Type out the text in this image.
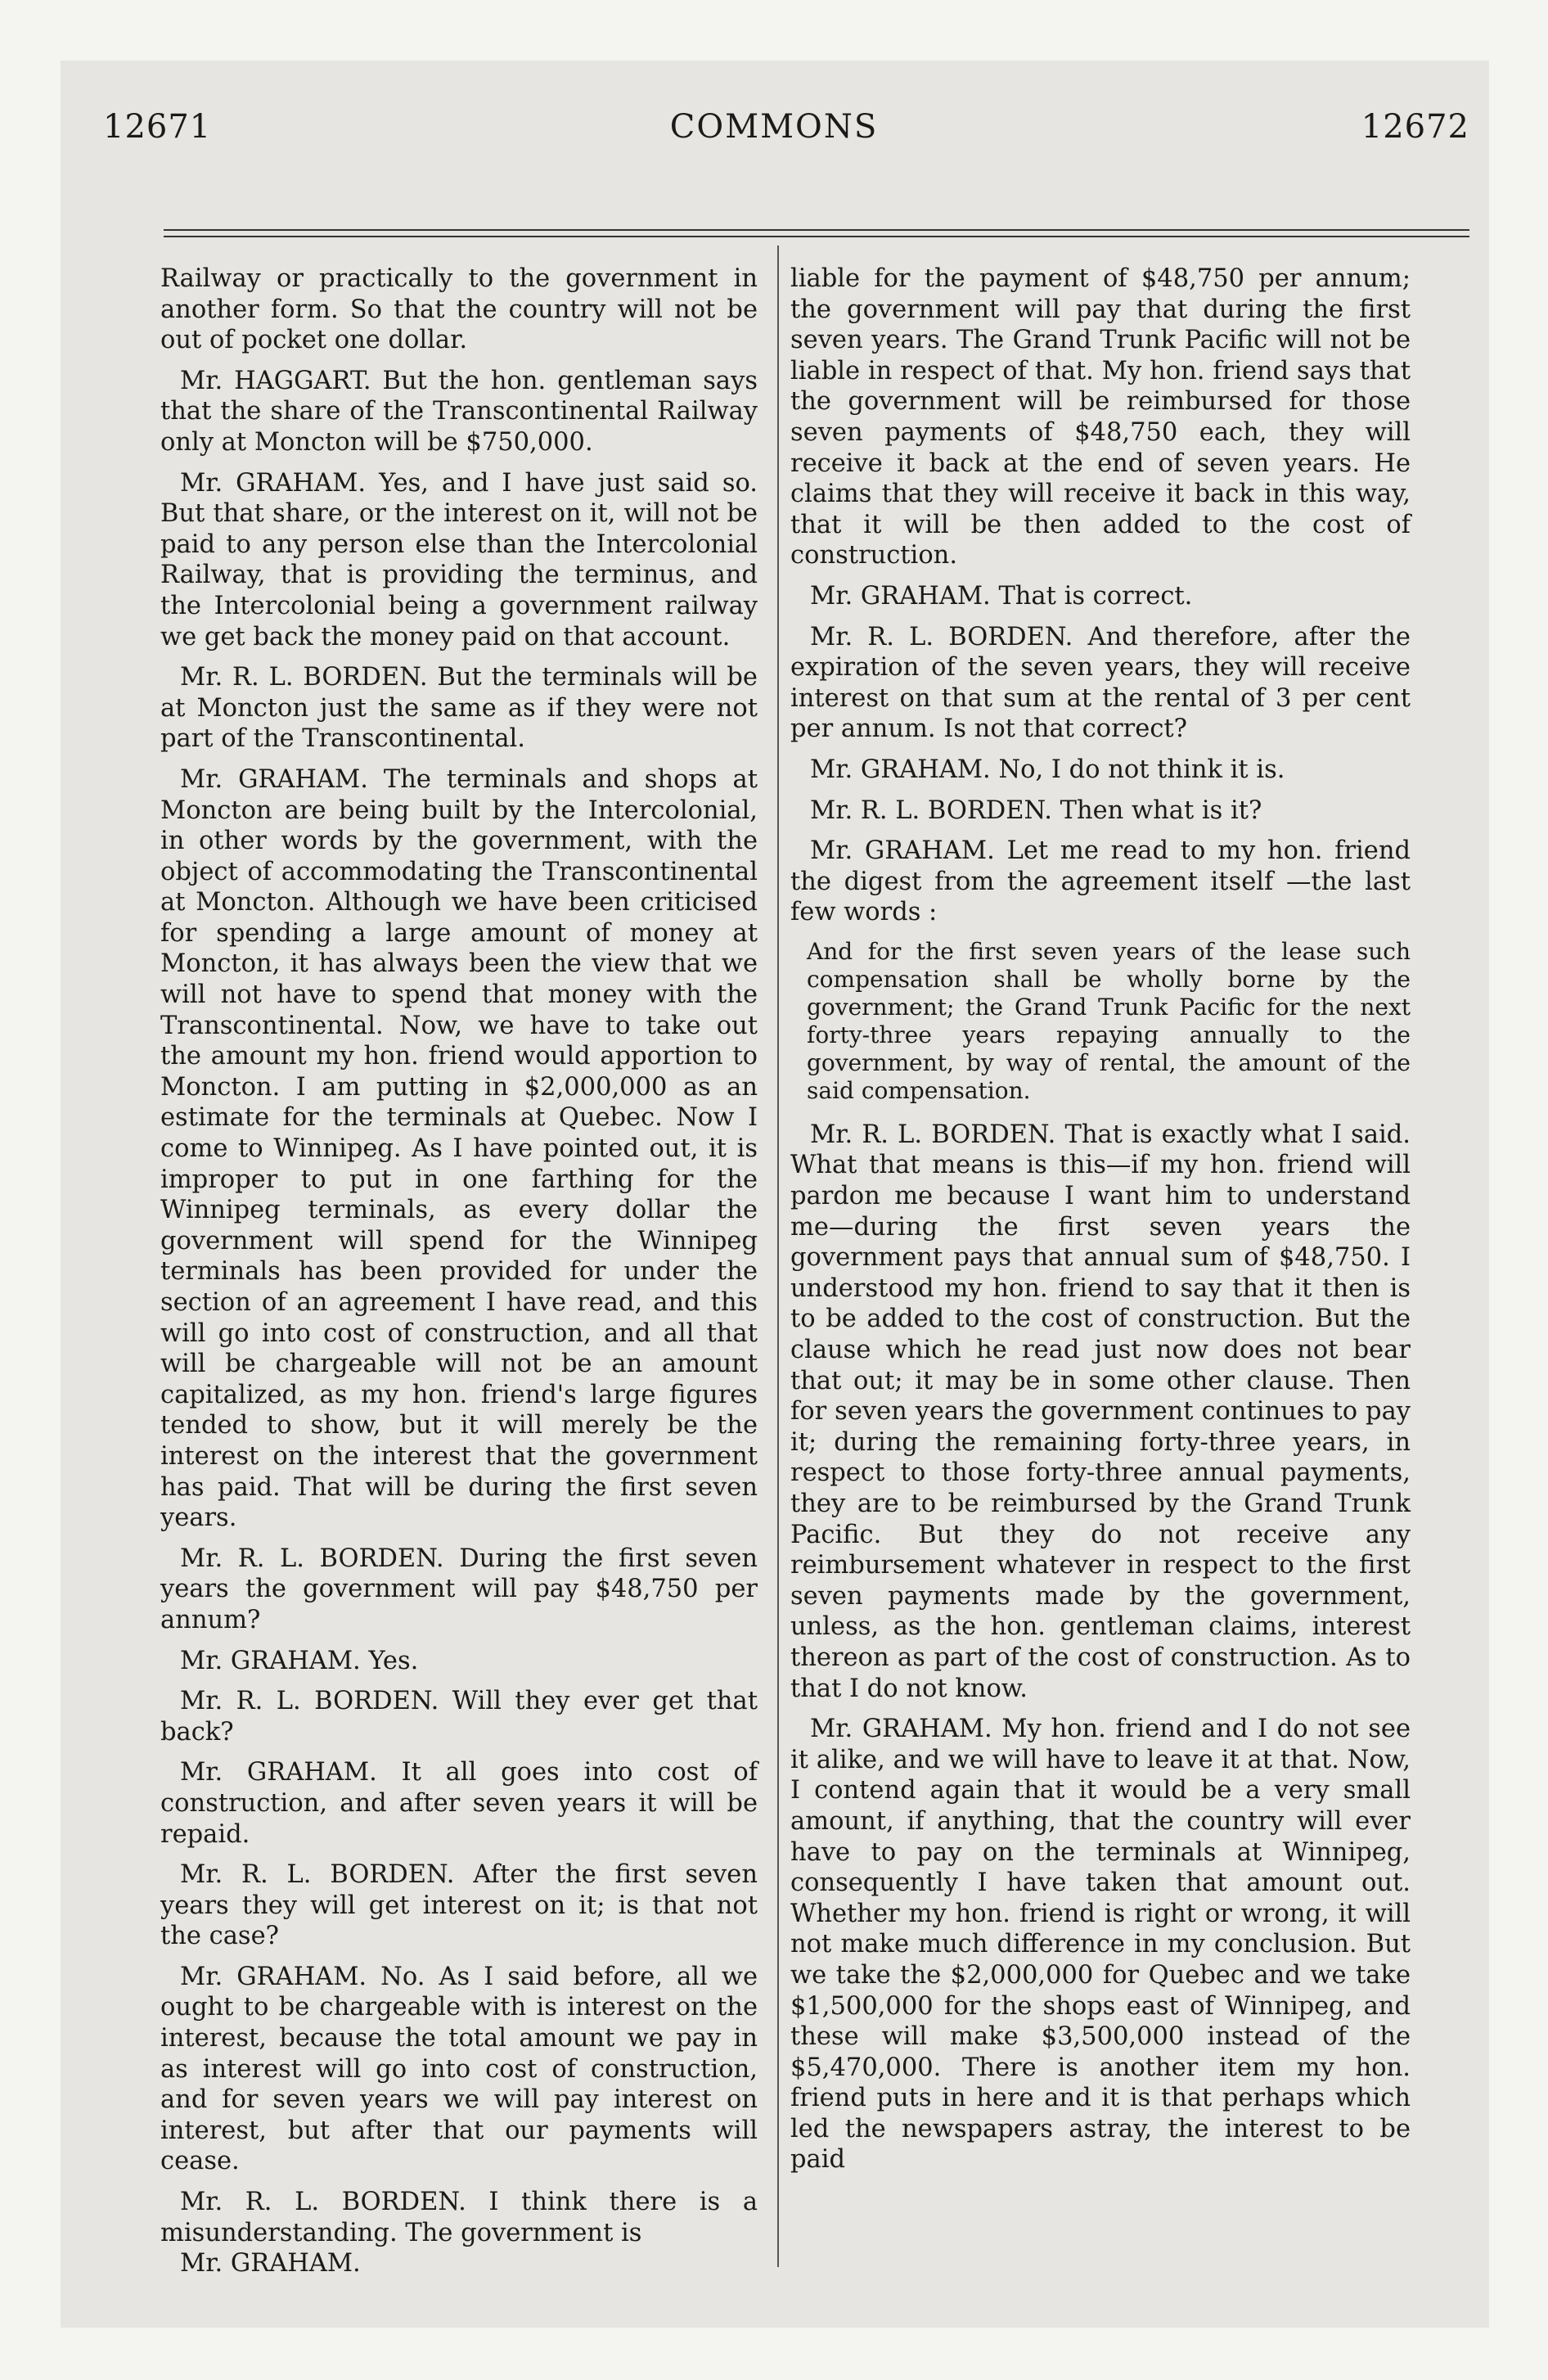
12671	COMMONS	12672

Railway or practically to the government in another form. So that the country will not be out of pocket one dollar.

Mr. HAGGART. But the hon. gentleman says that the share of the Transcontinental Railway only at Moncton will be $750,000.

Mr. GRAHAM. Yes, and I have just said so. But that share, or the interest on it, will not be paid to any person else than the Intercolonial Railway, that is providing the terminus, and the Intercolonial being a government railway we get back the money paid on that account.

Mr. R. L. BORDEN. But the terminals will be at Moncton just the same as if they were not part of the Transcontinental.

Mr. GRAHAM. The terminals and shops at Moncton are being built by the Intercolonial, in other words by the government, with the object of accommodating the Transcontinental at Moncton. Although we have been criticised for spending a large amount of money at Moncton, it has always been the view that we will not have to spend that money with the Transcontinental. Now, we have to take out the amount my hon. friend would apportion to Moncton. I am putting in $2,000,000 as an estimate for the terminals at Quebec. Now I come to Winnipeg. As I have pointed out, it is improper to put in one farthing for the Winnipeg terminals, as every dollar the government will spend for the Winnipeg terminals has been provided for under the section of an agreement I have read, and this will go into cost of construction, and all that will be chargeable will not be an amount capitalized, as my hon. friend's large figures tended to show, but it will merely be the interest on the interest that the government has paid. That will be during the first seven years.

Mr. R. L. BORDEN. During the first seven years the government will pay $48,750 per annum?

Mr. GRAHAM. Yes.

Mr. R. L. BORDEN. Will they ever get that back?

Mr. GRAHAM. It all goes into cost of construction, and after seven years it will be repaid.

Mr. R. L. BORDEN. After the first seven years they will get interest on it; is that not the case?

Mr. GRAHAM. No. As I said before, all we ought to be chargeable with is interest on the interest, because the total amount we pay in as interest will go into cost of construction, and for seven years we will pay interest on interest, but after that our payments will cease.

Mr. R. L. BORDEN. I think there is a misunderstanding. The government is

Mr. GRAHAM.

liable for the payment of $48,750 per annum; the government will pay that during the first seven years. The Grand Trunk Pacific will not be liable in respect of that. My hon. friend says that the government will be reimbursed for those seven payments of $48,750 each, they will receive it back at the end of seven years. He claims that they will receive it back in this way, that it will be then added to the cost of construction.

Mr. GRAHAM. That is correct.

Mr. R. L. BORDEN. And therefore, after the expiration of the seven years, they will receive interest on that sum at the rental of 3 per cent per annum. Is not that correct?

Mr. GRAHAM. No, I do not think it is.

Mr. R. L. BORDEN. Then what is it?

Mr. GRAHAM. Let me read to my hon. friend the digest from the agreement itself —the last few words :

And for the first seven years of the lease such compensation shall be wholly borne by the government; the Grand Trunk Pacific for the next forty-three years repaying annually to the government, by way of rental, the amount of the said compensation.

Mr. R. L. BORDEN. That is exactly what I said. What that means is this—if my hon. friend will pardon me because I want him to understand me—during the first seven years the government pays that annual sum of $48,750. I understood my hon. friend to say that it then is to be added to the cost of construction. But the clause which he read just now does not bear that out; it may be in some other clause. Then for seven years the government continues to pay it; during the remaining forty-three years, in respect to those forty-three annual payments, they are to be reimbursed by the Grand Trunk Pacific. But they do not receive any reimbursement whatever in respect to the first seven payments made by the government, unless, as the hon. gentleman claims, interest thereon as part of the cost of construction. As to that I do not know.

Mr. GRAHAM. My hon. friend and I do not see it alike, and we will have to leave it at that. Now, I contend again that it would be a very small amount, if anything, that the country will ever have to pay on the terminals at Winnipeg, consequently I have taken that amount out. Whether my hon. friend is right or wrong, it will not make much difference in my conclusion. But we take the $2,000,000 for Quebec and we take $1,500,000 for the shops east of Winnipeg, and these will make $3,500,000 instead of the $5,470,000. There is another item my hon. friend puts in here and it is that perhaps which led the newspapers astray, the interest to be paid
